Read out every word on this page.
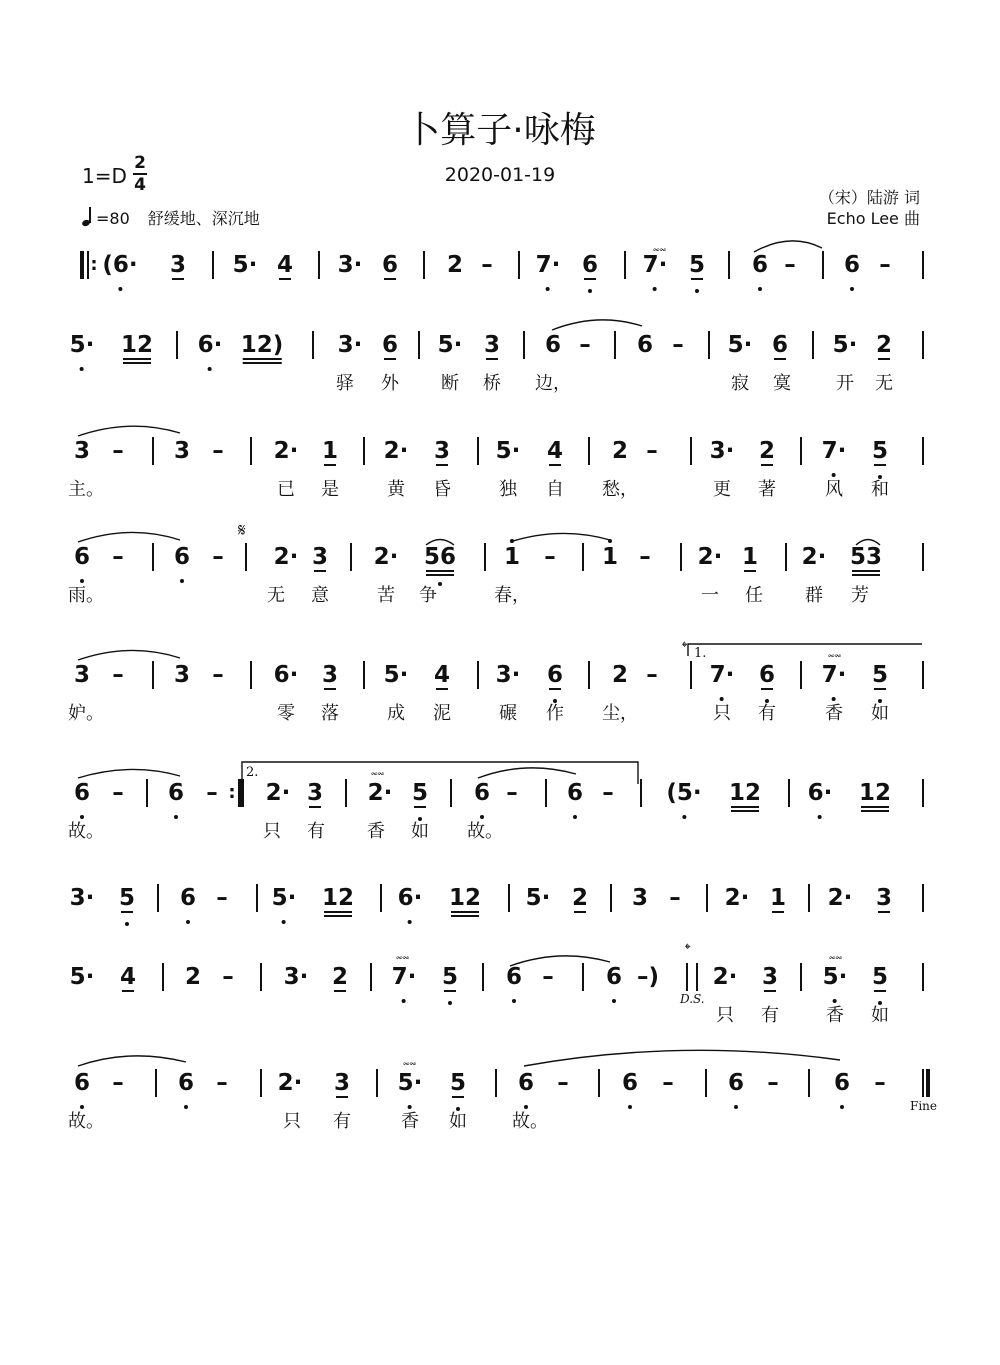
卜算子·咏梅
2020-01-19
1=D
2
4
=80 舒缓地、深沉地
（宋）陆游 词
Echo Lee 曲
: (6· 3 5· 4 3· 6 2 – 7· 6 7· 5 6 – 6 –
5· 12 6· 12) 3· 6 5· 3 6 – 6 – 5· 6 5· 2
驿 外 断 桥 边，	寂 寞	开 无
3 – 3 – 2· 1 2· 3 5· 4 2 – 3· 2 7· 5
主。	已 是	黄 昏	独 自 愁，	更 著	风 和
6 – 6 – 2· 3 2· 56 1 – 1 – 2· 1 2· 53
雨。	无 意	苦 争	春，	一 任 群 芳
3 – 3 – 6· 3 5· 4 3· 6 2 – 7· 6 7· 5
妒。	零 落	成 泥	碾 作 尘，	只 有	香 如
6 – 6 – 2· 3 2· 5 6 – 6 – (5· 12 6· 12
:
故。	只 有 香 如 故。
3· 5 6 – 5· 12 6· 12 5· 2 3 – 2· 1 2· 3
5· 4 2 – 3· 2 7· 5 6 – 6 –) 2· 3 5· 5
只 有	香 如
6 – 6 – 2· 3 5· 5 6 – 6 – 6 – 6 –
故。	只 有	香 如	故。
𝆗𝆗
𝆗𝆗
𝆗𝆗
𝆗𝆗	𝆗𝆗
𝆗𝆗
𝄋
𝄌 1.
2.
𝄌
D.S.
Fine
